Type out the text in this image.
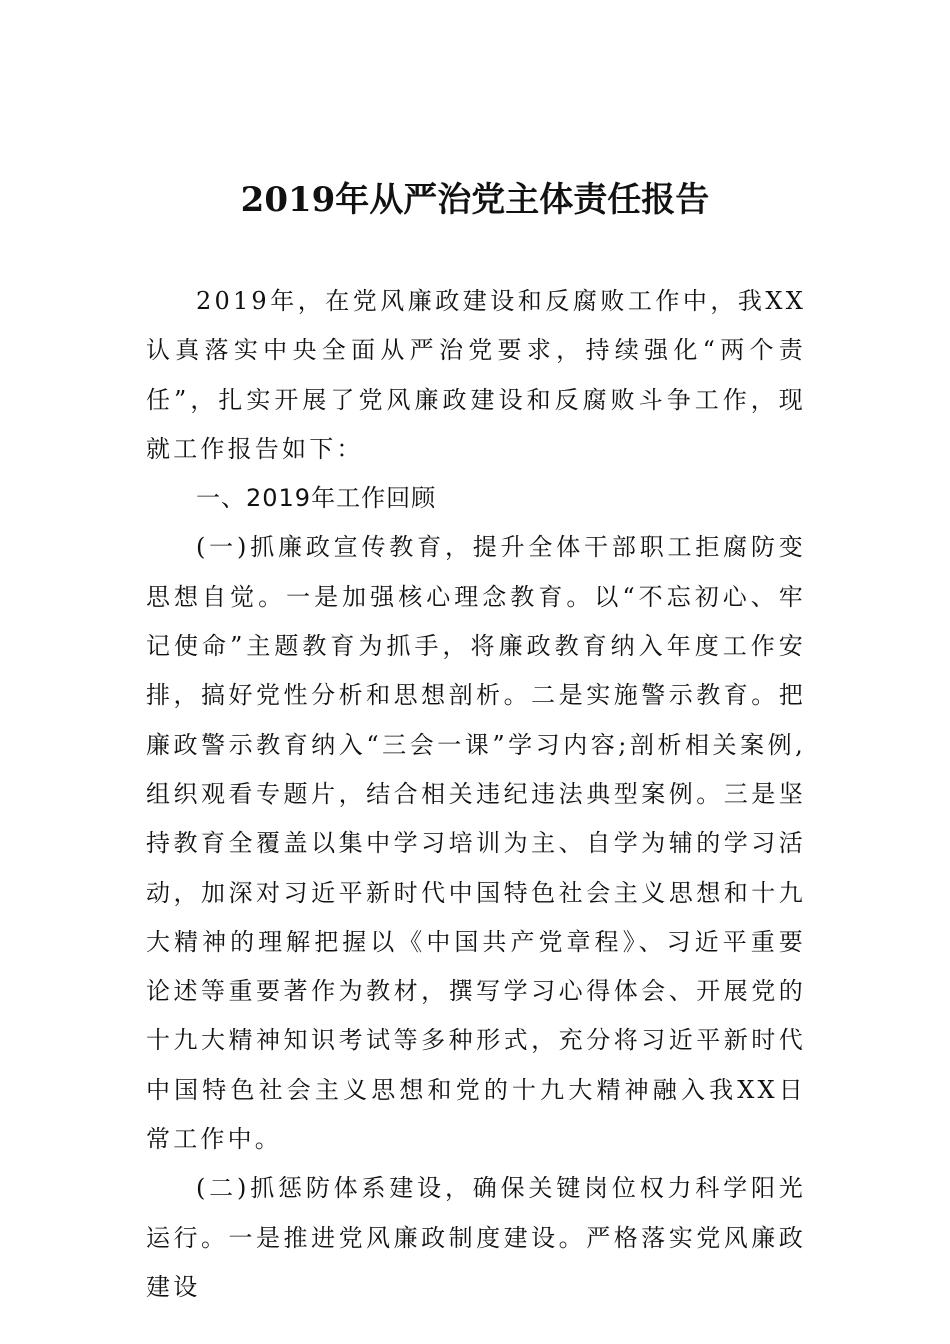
2019年从严治党主体责任报告

2019年，在党风廉政建设和反腐败工作中，我XX认真落实中央全面从严治党要求，持续强化“两个责任”，扎实开展了党风廉政建设和反腐败斗争工作，现就工作报告如下：

一、2019年工作回顾

(一)抓廉政宣传教育，提升全体干部职工拒腐防变思想自觉。一是加强核心理念教育。以“不忘初心、牢记使命”主题教育为抓手，将廉政教育纳入年度工作安排，搞好党性分析和思想剖析。二是实施警示教育。把廉政警示教育纳入“三会一课”学习内容;剖析相关案例,组织观看专题片，结合相关违纪违法典型案例。三是坚持教育全覆盖以集中学习培训为主、自学为辅的学习活动，加深对习近平新时代中国特色社会主义思想和十九大精神的理解把握以《中国共产党章程》、习近平重要论述等重要著作为教材，撰写学习心得体会、开展党的十九大精神知识考试等多种形式，充分将习近平新时代中国特色社会主义思想和党的十九大精神融入我XX日常工作中。

(二)抓惩防体系建设，确保关键岗位权力科学阳光运行。一是推进党风廉政制度建设。严格落实党风廉政建设
